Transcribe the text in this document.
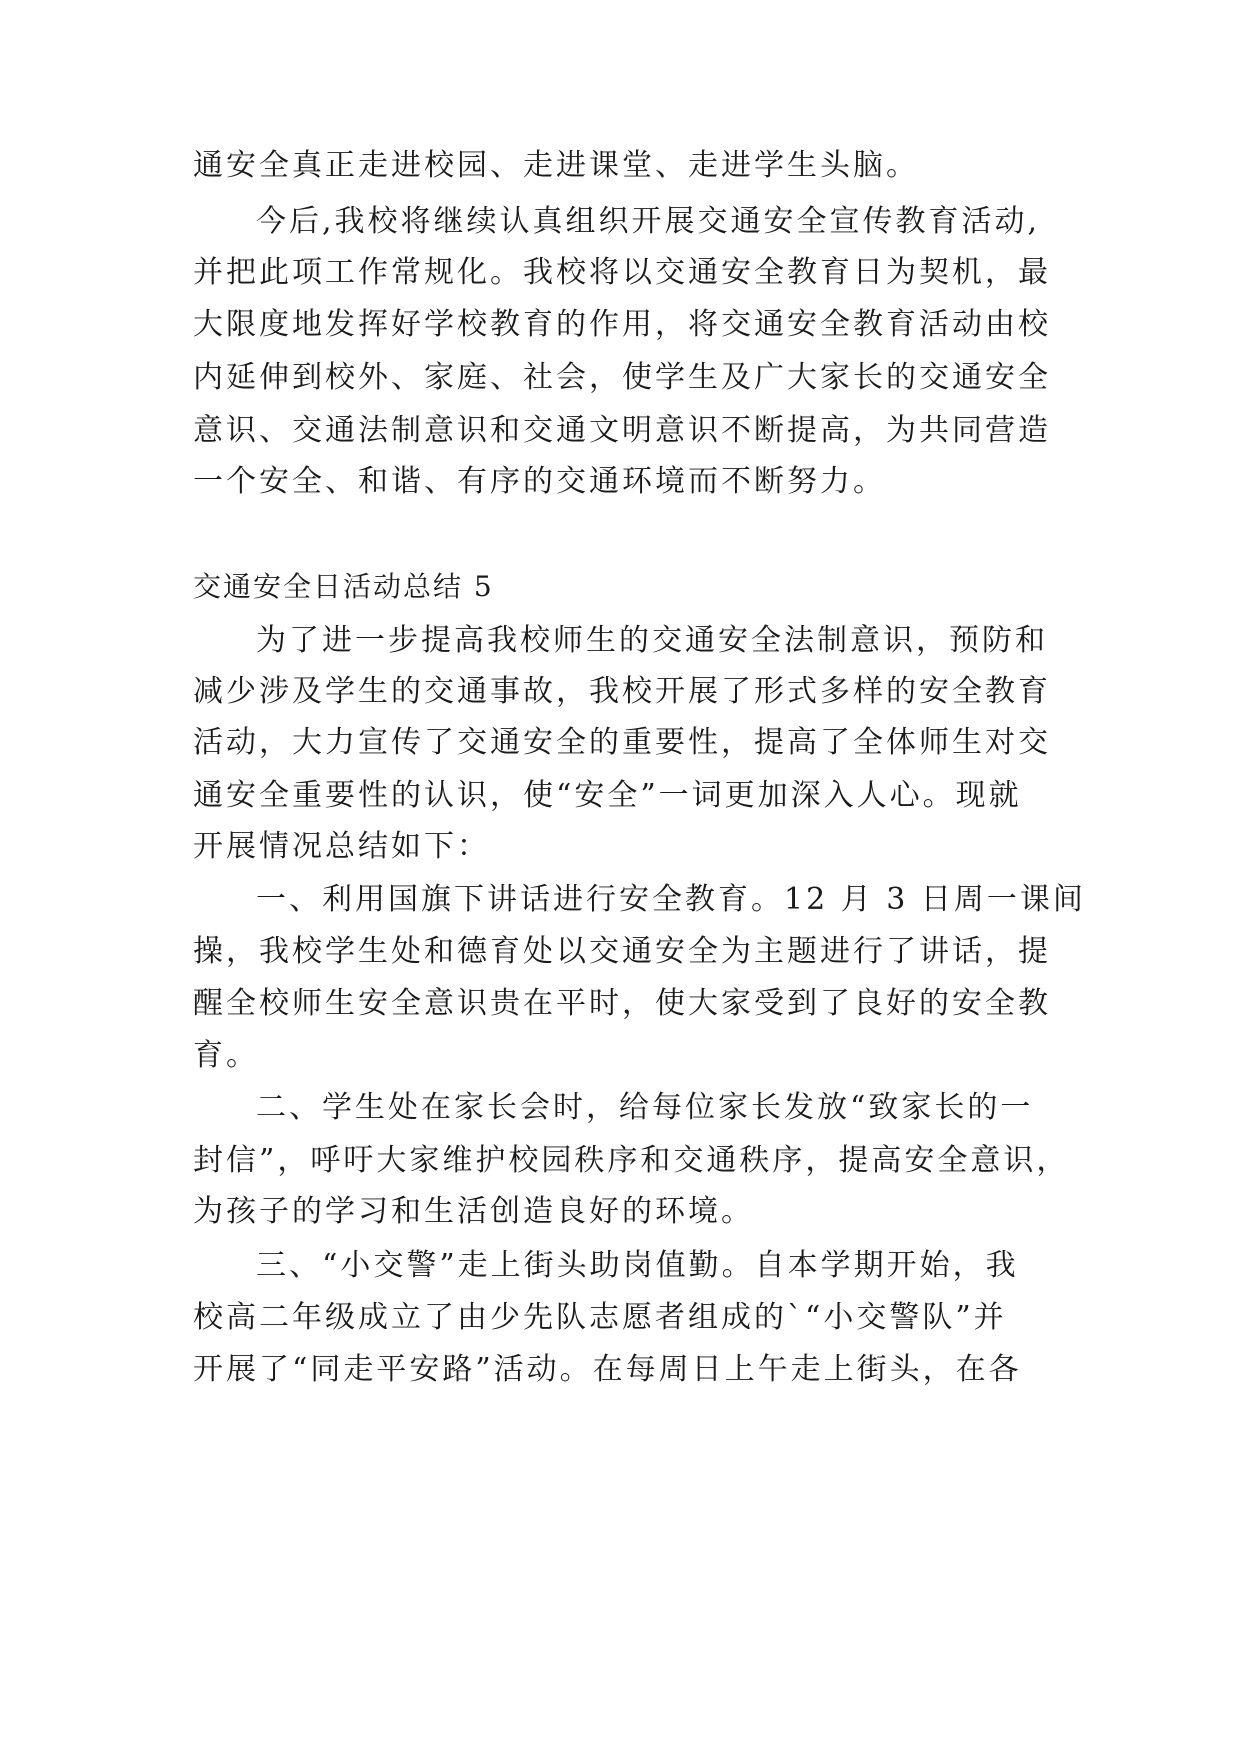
通安全真正走进校园、走进课堂、走进学生头脑。
今后,我校将继续认真组织开展交通安全宣传教育活动,
并把此项工作常规化。我校将以交通安全教育日为契机，最
大限度地发挥好学校教育的作用，将交通安全教育活动由校
内延伸到校外、家庭、社会，使学生及广大家长的交通安全
意识、交通法制意识和交通文明意识不断提高，为共同营造
一个安全、和谐、有序的交通环境而不断努力。
交通安全日活动总结 5
为了进一步提高我校师生的交通安全法制意识，预防和
减少涉及学生的交通事故，我校开展了形式多样的安全教育
活动，大力宣传了交通安全的重要性，提高了全体师生对交
通安全重要性的认识，使“安全”一词更加深入人心。现就
开展情况总结如下：
一、利用国旗下讲话进行安全教育。12 月 3 日周一课间
操，我校学生处和德育处以交通安全为主题进行了讲话，提
醒全校师生安全意识贵在平时，使大家受到了良好的安全教
育。
二、学生处在家长会时，给每位家长发放“致家长的一
封信”，呼吁大家维护校园秩序和交通秩序，提高安全意识，
为孩子的学习和生活创造良好的环境。
三、“小交警”走上街头助岗值勤。自本学期开始，我
校高二年级成立了由少先队志愿者组成的`“小交警队”并
开展了“同走平安路”活动。在每周日上午走上街头，在各
